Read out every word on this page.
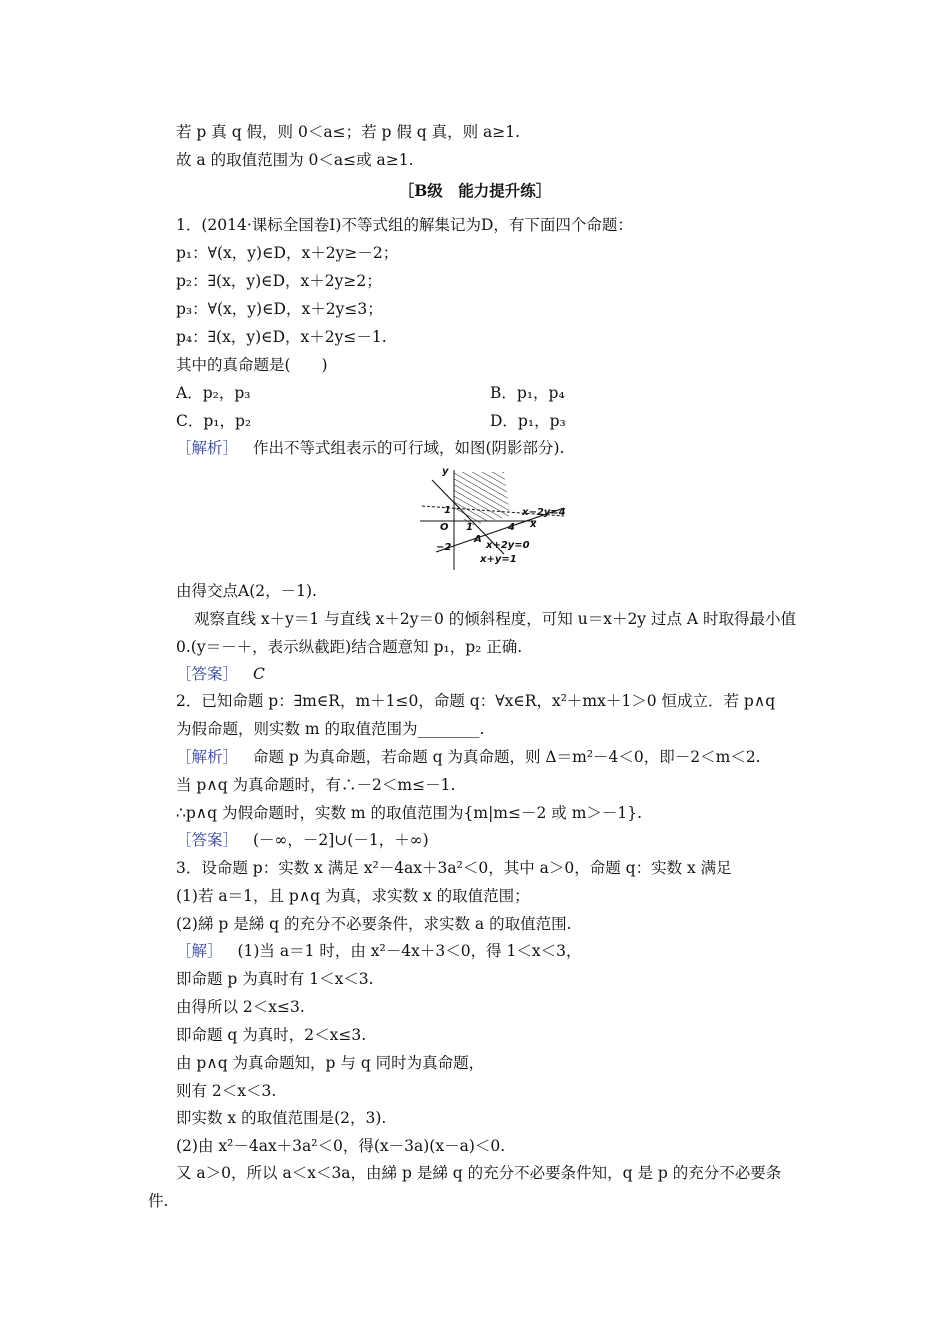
若 p 真 q 假，则 0＜a≤；若 p 假 q 真，则 a≥1.
故 a 的取值范围为 0＜a≤或 a≥1.
［B级　能力提升练］
1．(2014·课标全国卷Ⅰ)不等式组的解集记为D，有下面四个命题：
p₁：∀(x，y)∈D，x＋2y≥－2；
p₂：∃(x，y)∈D，x＋2y≥2；
p₃：∀(x，y)∈D，x＋2y≤3；
p₄：∃(x，y)∈D，x＋2y≤－1.
其中的真命题是(　　)
A．p₂，p₃	B．p₁，p₄
C．p₁，p₂	D．p₁，p₃
［解析］ 作出不等式组表示的可行域，如图(阴影部分).
y
x
O
1
1	4
−2
A
x−2y=4
x+2y=0
x+y=1
由得交点A(2，－1).
观察直线 x＋y＝1 与直线 x＋2y＝0 的倾斜程度，可知 u＝x＋2y 过点 A 时取得最小值
0.(y＝－＋，表示纵截距)结合题意知 p₁，p₂ 正确.
［答案］ C
2．已知命题 p：∃m∈R，m＋1≤0，命题 q：∀x∈R，x²＋mx＋1＞0 恒成立．若 p∧q
为假命题，则实数 m 的取值范围为________.
［解析］ 命题 p 为真命题，若命题 q 为真命题，则 Δ＝m²－4＜0，即－2＜m＜2.
当 p∧q 为真命题时，有∴－2＜m≤－1.
∴p∧q 为假命题时，实数 m 的取值范围为{m|m≤－2 或 m＞－1}.
［答案］ (－∞，－2]∪(－1，＋∞)
3．设命题 p：实数 x 满足 x²－4ax＋3a²＜0，其中 a＞0，命题 q：实数 x 满足
(1)若 a＝1，且 p∧q 为真，求实数 x 的取值范围；
(2)綈 p 是綈 q 的充分不必要条件，求实数 a 的取值范围.
［解］ (1)当 a＝1 时，由 x²－4x＋3＜0，得 1＜x＜3，
即命题 p 为真时有 1＜x＜3.
由得所以 2＜x≤3.
即命题 q 为真时，2＜x≤3.
由 p∧q 为真命题知，p 与 q 同时为真命题，
则有 2＜x＜3.
即实数 x 的取值范围是(2，3).
(2)由 x²－4ax＋3a²＜0，得(x－3a)(x－a)＜0.
又 a＞0，所以 a＜x＜3a，由綈 p 是綈 q 的充分不必要条件知，q 是 p 的充分不必要条
件.
